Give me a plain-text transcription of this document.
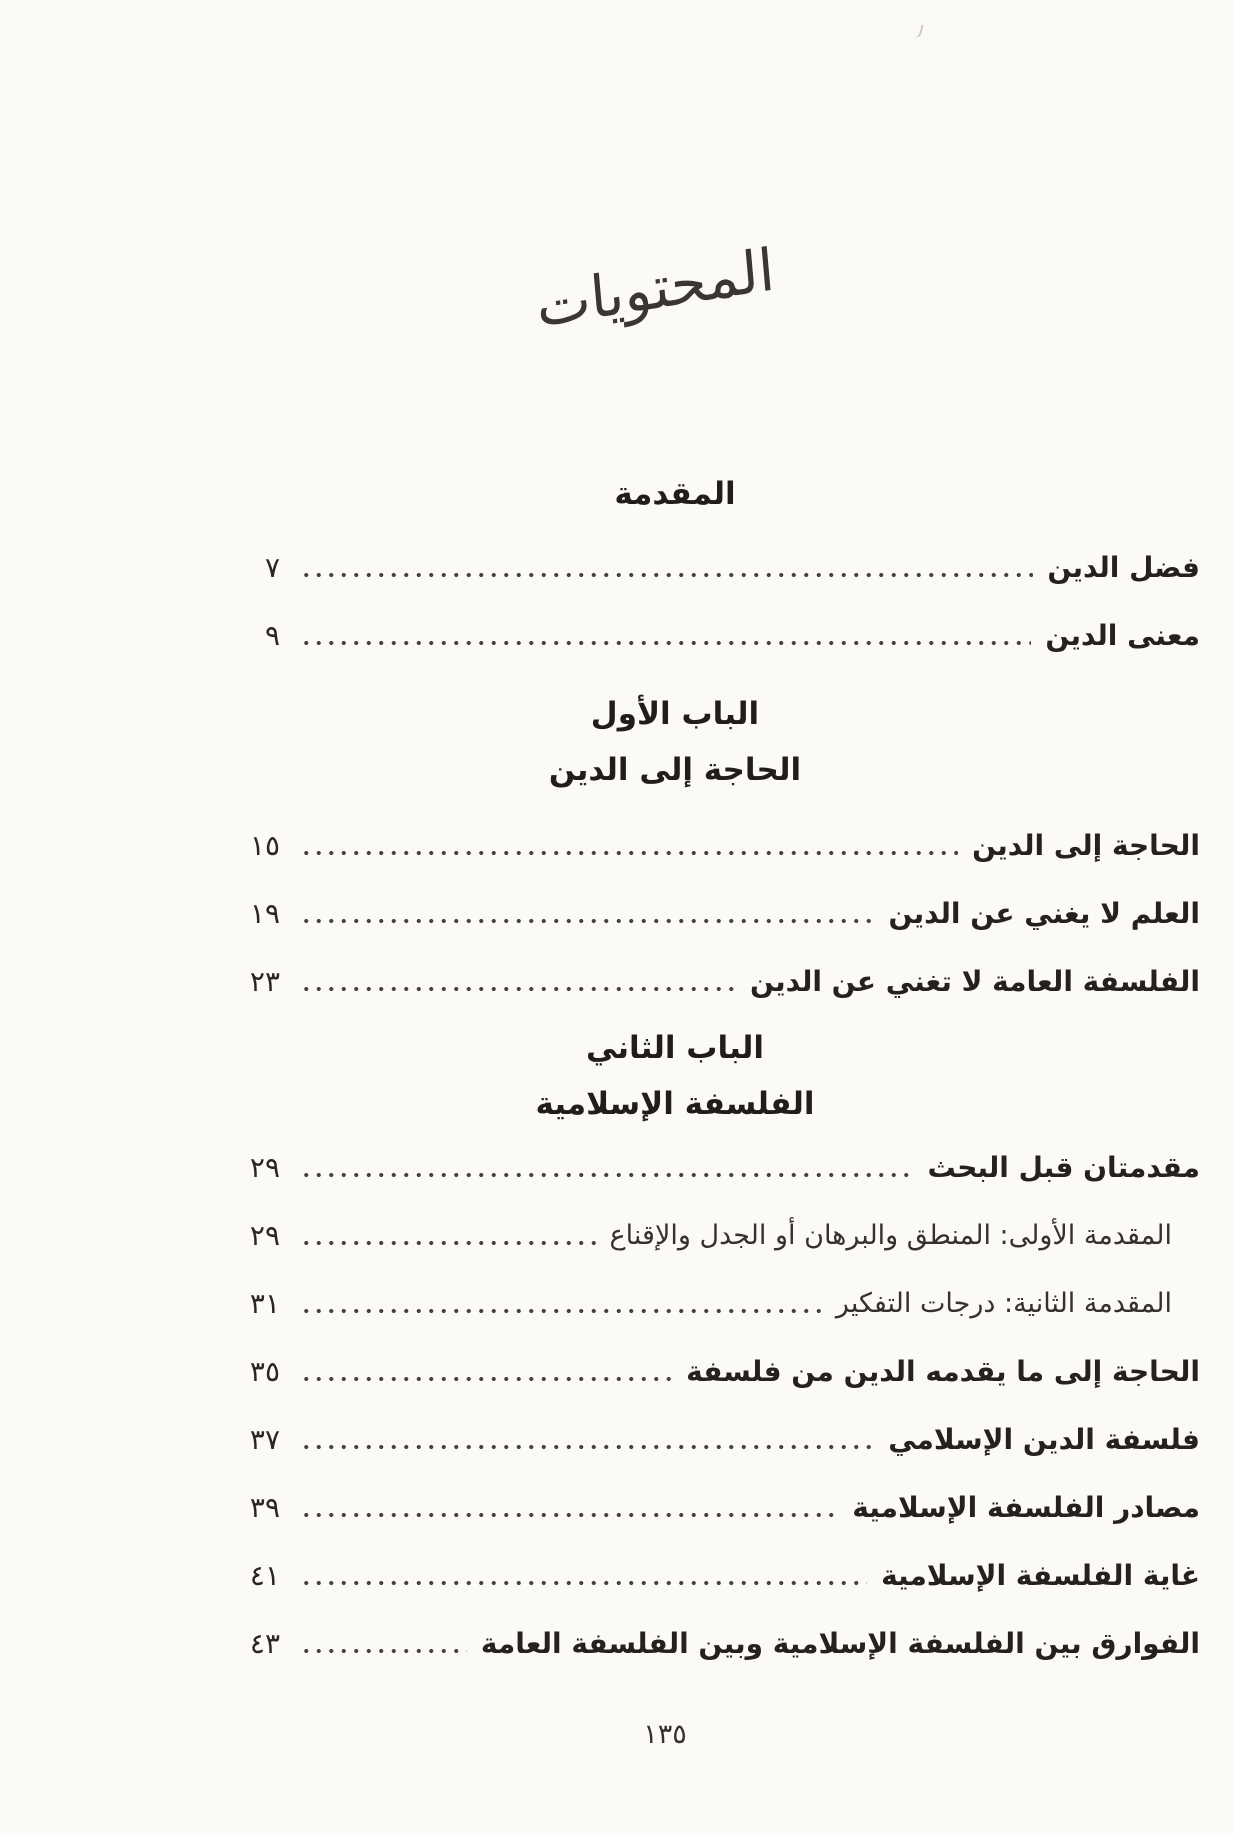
المحتويات
المقدمة
فضل الدين
٧
معنى الدين
٩
الباب الأول
الحاجة إلى الدين
الحاجة إلى الدين
١٥
العلم لا يغني عن الدين
١٩
الفلسفة العامة لا تغني عن الدين
٢٣
الباب الثاني
الفلسفة الإسلامية
مقدمتان قبل البحث
٢٩
المقدمة الأولى: المنطق والبرهان أو الجدل والإقناع
٢٩
المقدمة الثانية: درجات التفكير
٣١
الحاجة إلى ما يقدمه الدين من فلسفة
٣٥
فلسفة الدين الإسلامي
٣٧
مصادر الفلسفة الإسلامية
٣٩
غاية الفلسفة الإسلامية
٤١
الفوارق بين الفلسفة الإسلامية وبين الفلسفة العامة
٤٣
١٣٥
